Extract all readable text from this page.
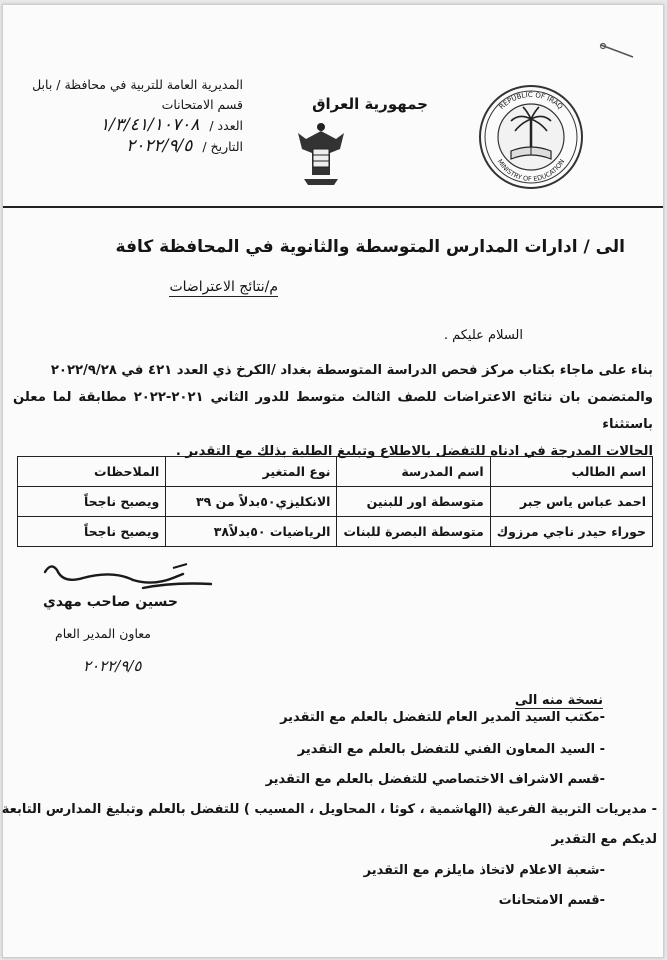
REPUBLIC OF IRAQ
MINISTRY OF EDUCATION
جمهورية العراق
المديرية العامة للتربية في محافظة / بابل
قسم الامتحانات
العدد / ١/٣/٤١/١٠٧٠٨
التاريخ / ٢٠٢٢/٩/٥
الى / ادارات المدارس المتوسطة والثانوية في المحافظة كافة
م/نتائج الاعتراضات
السلام عليكم .
بناء على ماجاء بكتاب مركز فحص الدراسة المتوسطة بغداد /الكرخ ذي العدد ٤٢١ في ٢٠٢٢/٩/٢٨
والمتضمن بان نتائج الاعتراضات للصف الثالث متوسط للدور الثاني ٢٠٢١-٢٠٢٢ مطابقة لما معلن باستثناء
الحالات المدرجة في ادناه للتفضل بالاطلاع وتبليغ الطلبة بذلك مع التقدير .
اسم الطالب	اسم المدرسة	نوع المتغير	الملاحظات
احمد عباس ياس جبر	متوسطة اور للبنين	الانكليزي٥٠بدلاً من ٣٩	ويصبح ناجحاً
حوراء حيدر ناجي مرزوك	متوسطة البصرة للبنات	الرياضيات ٥٠بدلاً٣٨	ويصبح ناجحاً
حسين صاحب مهدي
معاون المدير العام
٢٠٢٢/٩/٥
نسخة منه الى
-مكتب السيد المدير العام للتفضل بالعلم مع التقدير
- السيد المعاون الفني للتفضل بالعلم مع التقدير
-قسم الاشراف الاختصاصي للتفضل بالعلم مع التقدير
- مديريات التربية الفرعية (الهاشمية ، كوثا ، المحاويل ، المسيب ) للتفضل بالعلم وتبليغ المدارس التابعة
لديكم مع التقدير
-شعبة الاعلام لاتخاذ مايلزم مع التقدير
-قسم الامتحانات
